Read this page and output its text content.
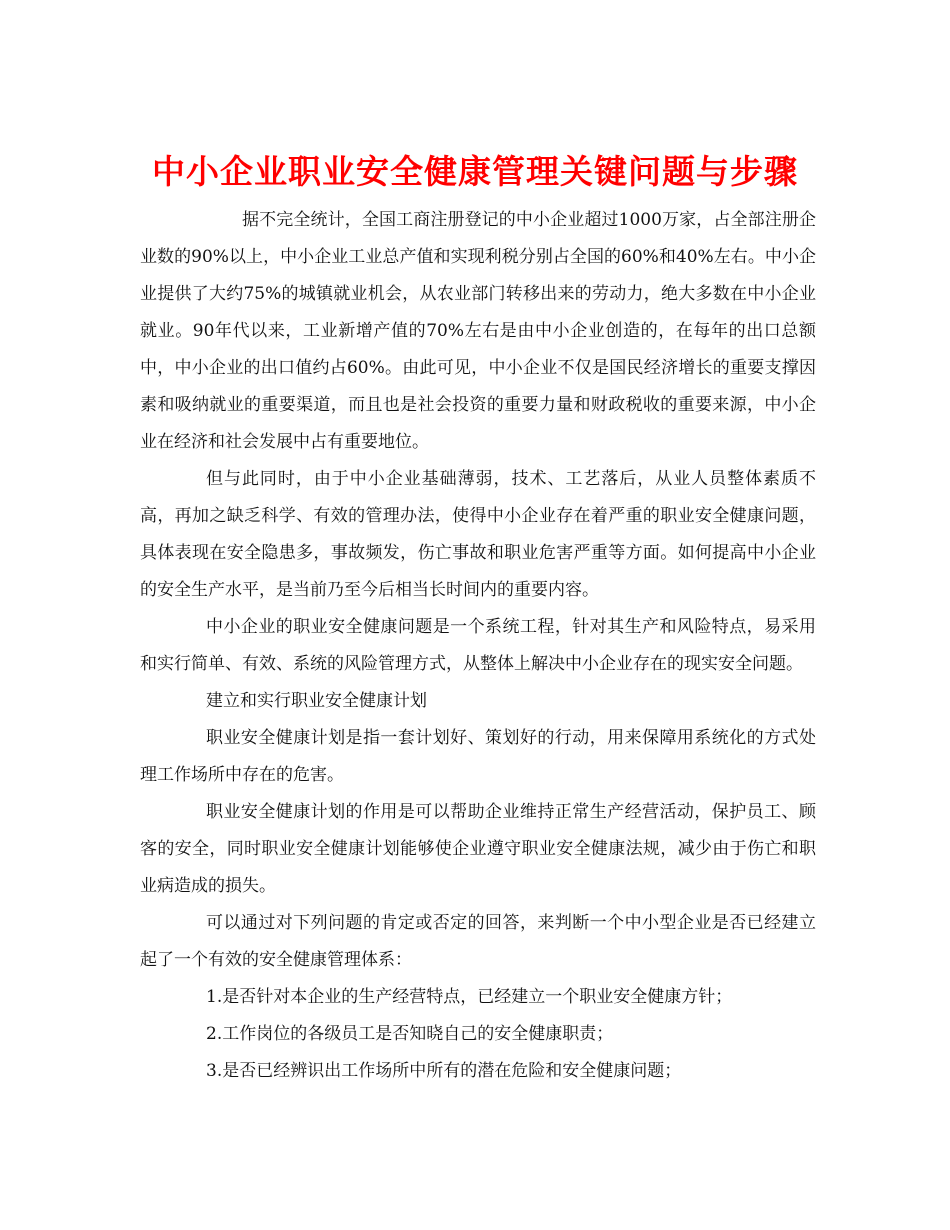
中小企业职业安全健康管理关键问题与步骤

据不完全统计，全国工商注册登记的中小企业超过1000万家，占全部注册企业数的90%以上，中小企业工业总产值和实现利税分别占全国的60%和40%左右。中小企业提供了大约75%的城镇就业机会，从农业部门转移出来的劳动力，绝大多数在中小企业就业。90年代以来，工业新增产值的70%左右是由中小企业创造的，在每年的出口总额中，中小企业的出口值约占60%。由此可见，中小企业不仅是国民经济增长的重要支撑因素和吸纳就业的重要渠道，而且也是社会投资的重要力量和财政税收的重要来源，中小企业在经济和社会发展中占有重要地位。

但与此同时，由于中小企业基础薄弱，技术、工艺落后，从业人员整体素质不高，再加之缺乏科学、有效的管理办法，使得中小企业存在着严重的职业安全健康问题，具体表现在安全隐患多，事故频发，伤亡事故和职业危害严重等方面。如何提高中小企业的安全生产水平，是当前乃至今后相当长时间内的重要内容。

中小企业的职业安全健康问题是一个系统工程，针对其生产和风险特点，易采用和实行简单、有效、系统的风险管理方式，从整体上解决中小企业存在的现实安全问题。

建立和实行职业安全健康计划

职业安全健康计划是指一套计划好、策划好的行动，用来保障用系统化的方式处理工作场所中存在的危害。

职业安全健康计划的作用是可以帮助企业维持正常生产经营活动，保护员工、顾客的安全，同时职业安全健康计划能够使企业遵守职业安全健康法规，减少由于伤亡和职业病造成的损失。

可以通过对下列问题的肯定或否定的回答，来判断一个中小型企业是否已经建立起了一个有效的安全健康管理体系：

1.是否针对本企业的生产经营特点，已经建立一个职业安全健康方针；

2.工作岗位的各级员工是否知晓自己的安全健康职责；

3.是否已经辨识出工作场所中所有的潜在危险和安全健康问题；
